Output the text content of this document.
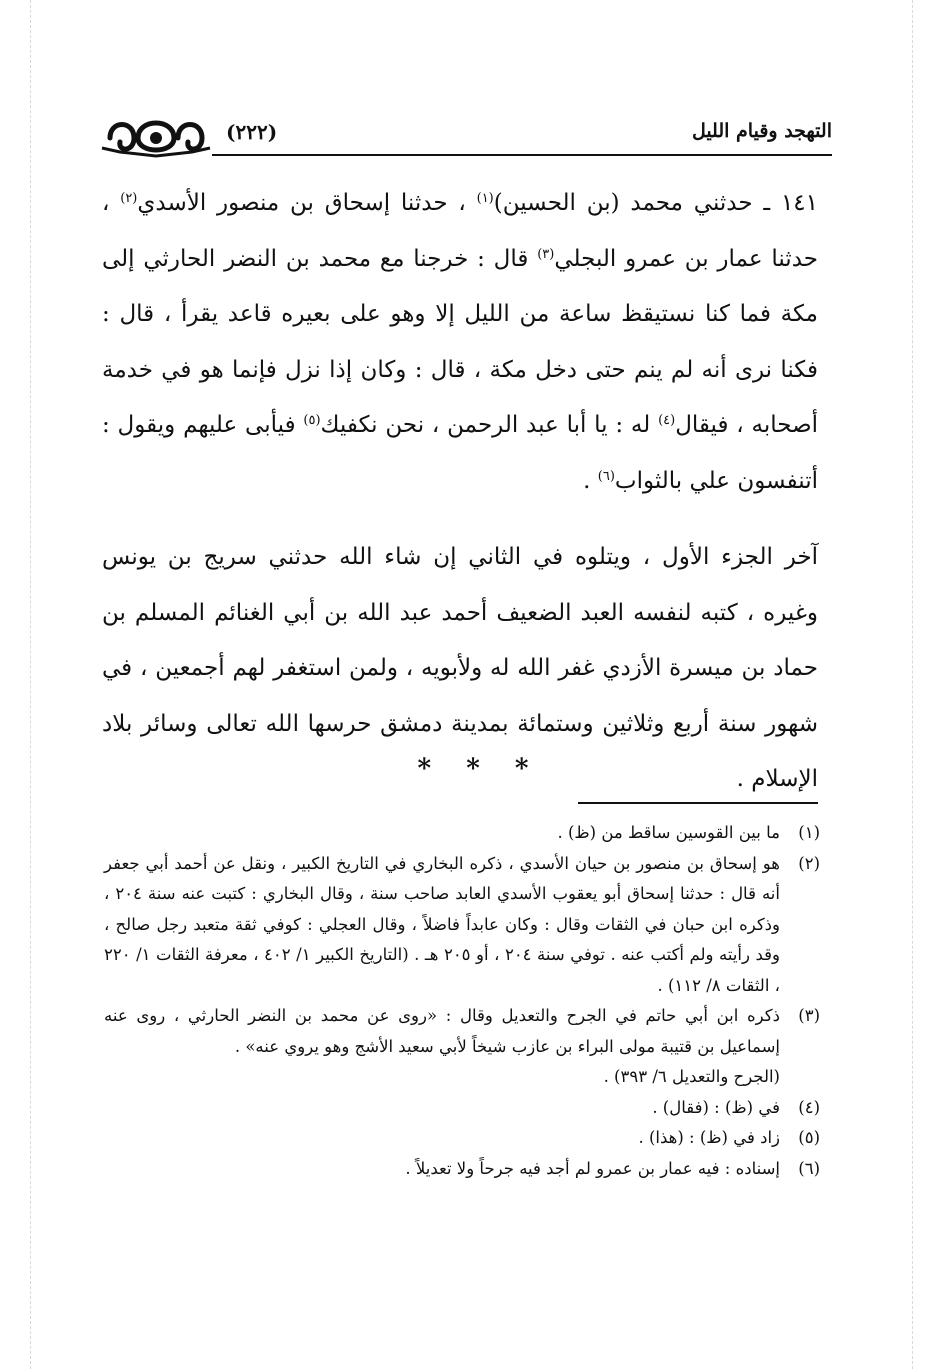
التهجد وقيام الليل
(٢٢٢)

١٤١ ـ حدثني محمد (بن الحسين)$^{(١)}$ ، حدثنا إسحاق بن منصور الأسدي$^{(٢)}$ ، حدثنا عمار بن عمرو البجلي$^{(٣)}$ قال : خرجنا مع محمد بن النضر الحارثي إلى مكة فما كنا نستيقظ ساعة من الليل إلا وهو على بعيره قاعد يقرأ ، قال : فكنا نرى أنه لم ينم حتى دخل مكة ، قال : وكان إذا نزل فإنما هو في خدمة أصحابه ، فيقال$^{(٤)}$ له : يا أبا عبد الرحمن ، نحن نكفيك$^{(٥)}$ فيأبى عليهم ويقول : أتنفسون علي بالثواب$^{(٦)}$ .

آخر الجزء الأول ، ويتلوه في الثاني إن شاء الله حدثني سريج بن يونس وغيره ، كتبه لنفسه العبد الضعيف أحمد عبد الله بن أبي الغنائم المسلم بن حماد بن ميسرة الأزدي غفر الله له ولأبويه ، ولمن استغفر لهم أجمعين ، في شهور سنة أربع وثلاثين وستمائة بمدينة دمشق حرسها الله تعالى وسائر بلاد الإسلام .

* * *
(١)
ما بين القوسين ساقط من (ظ) .
(٢)
هو إسحاق بن منصور بن حيان الأسدي ، ذكره البخاري في التاريخ الكبير ، ونقل عن أحمد أبي جعفر أنه قال : حدثنا إسحاق أبو يعقوب الأسدي العابد صاحب سنة ، وقال البخاري : كتبت عنه سنة ٢٠٤ ، وذكره ابن حبان في الثقات وقال : وكان عابداً فاضلاً ، وقال العجلي : كوفي ثقة متعبد رجل صالح ، وقد رأيته ولم أكتب عنه . توفي سنة ٢٠٤ ، أو ٢٠٥ هـ . (التاريخ الكبير ١/ ٤٠٢ ، معرفة الثقات ١/ ٢٢٠ ، الثقات ٨/ ١١٢) .
(٣)
ذكره ابن أبي حاتم في الجرح والتعديل وقال : «روى عن محمد بن النضر الحارثي ، روى عنه إسماعيل بن قتيبة مولى البراء بن عازب شيخاً لأبي سعيد الأشج وهو يروي عنه» .
(الجرح والتعديل ٦/ ٣٩٣) .
(٤)
في (ظ) : (فقال) .
(٥)
زاد في (ظ) : (هذا) .
(٦)
إسناده : فيه عمار بن عمرو لم أجد فيه جرحاً ولا تعديلاً .
